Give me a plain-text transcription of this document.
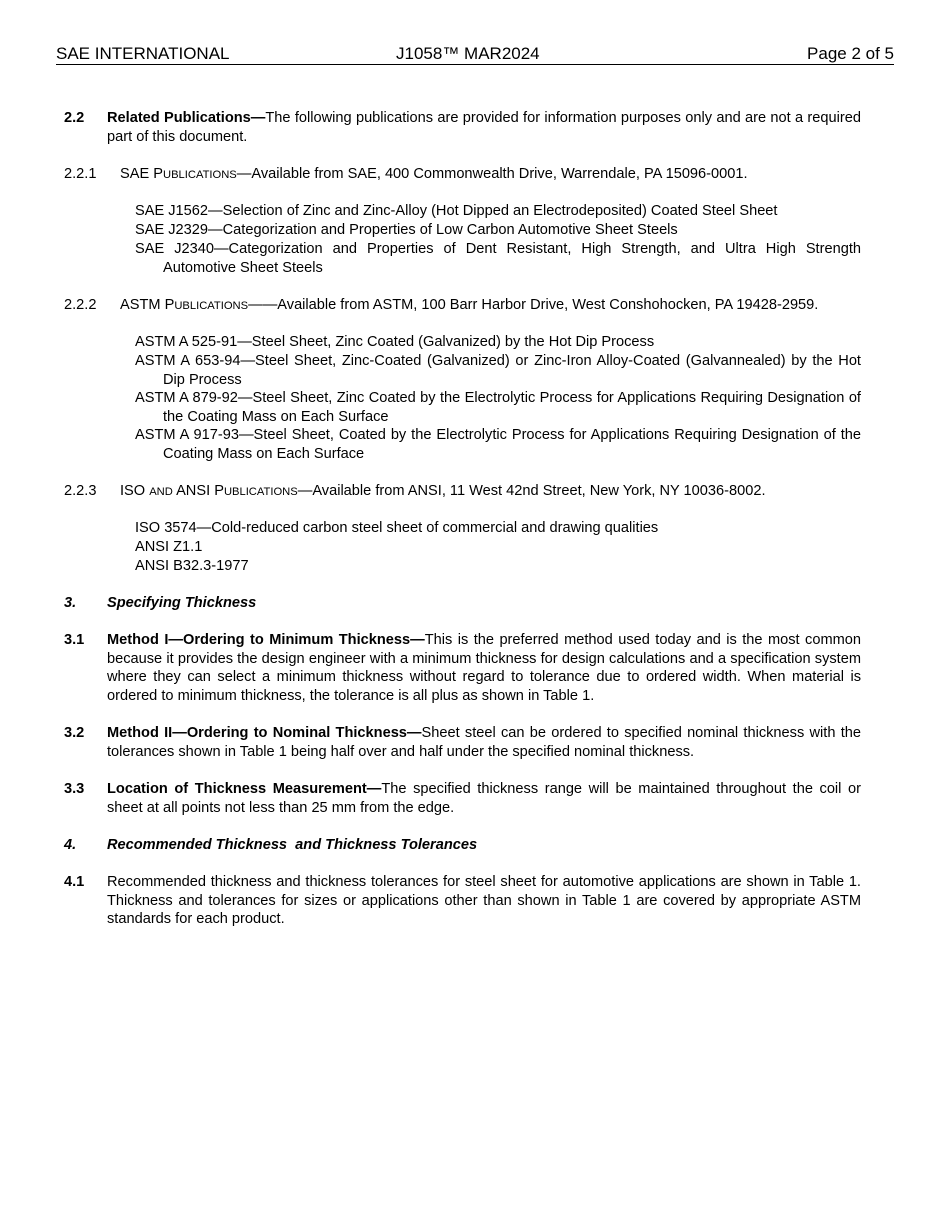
SAE INTERNATIONAL	J1058™ MAR2024	Page 2 of 5
2.2 Related Publications—The following publications are provided for information purposes only and are not a required part of this document.
2.2.1 SAE PUBLICATIONS—Available from SAE, 400 Commonwealth Drive, Warrendale, PA 15096-0001.
SAE J1562—Selection of Zinc and Zinc-Alloy (Hot Dipped an Electrodeposited) Coated Steel Sheet
SAE J2329—Categorization and Properties of Low Carbon Automotive Sheet Steels
SAE J2340—Categorization and Properties of Dent Resistant, High Strength, and Ultra High Strength Automotive Sheet Steels
2.2.2 ASTM PUBLICATIONS——Available from ASTM, 100 Barr Harbor Drive, West Conshohocken, PA 19428-2959.
ASTM A 525-91—Steel Sheet, Zinc Coated (Galvanized) by the Hot Dip Process
ASTM A 653-94—Steel Sheet, Zinc-Coated (Galvanized) or Zinc-Iron Alloy-Coated (Galvannealed) by the Hot Dip Process
ASTM A 879-92—Steel Sheet, Zinc Coated by the Electrolytic Process for Applications Requiring Designation of the Coating Mass on Each Surface
ASTM A 917-93—Steel Sheet, Coated by the Electrolytic Process for Applications Requiring Designation of the Coating Mass on Each Surface
2.2.3 ISO AND ANSI PUBLICATIONS—Available from ANSI, 11 West 42nd Street, New York, NY 10036-8002.
ISO 3574—Cold-reduced carbon steel sheet of commercial and drawing qualities
ANSI Z1.1
ANSI B32.3-1977
3. Specifying Thickness
3.1 Method I—Ordering to Minimum Thickness—This is the preferred method used today and is the most common because it provides the design engineer with a minimum thickness for design calculations and a specification system where they can select a minimum thickness without regard to tolerance due to ordered width. When material is ordered to minimum thickness, the tolerance is all plus as shown in Table 1.
3.2 Method II—Ordering to Nominal Thickness—Sheet steel can be ordered to specified nominal thickness with the tolerances shown in Table 1 being half over and half under the specified nominal thickness.
3.3 Location of Thickness Measurement—The specified thickness range will be maintained throughout the coil or sheet at all points not less than 25 mm from the edge.
4. Recommended Thickness  and Thickness Tolerances
4.1 Recommended thickness and thickness tolerances for steel sheet for automotive applications are shown in Table 1. Thickness and tolerances for sizes or applications other than shown in Table 1 are covered by appropriate ASTM standards for each product.
